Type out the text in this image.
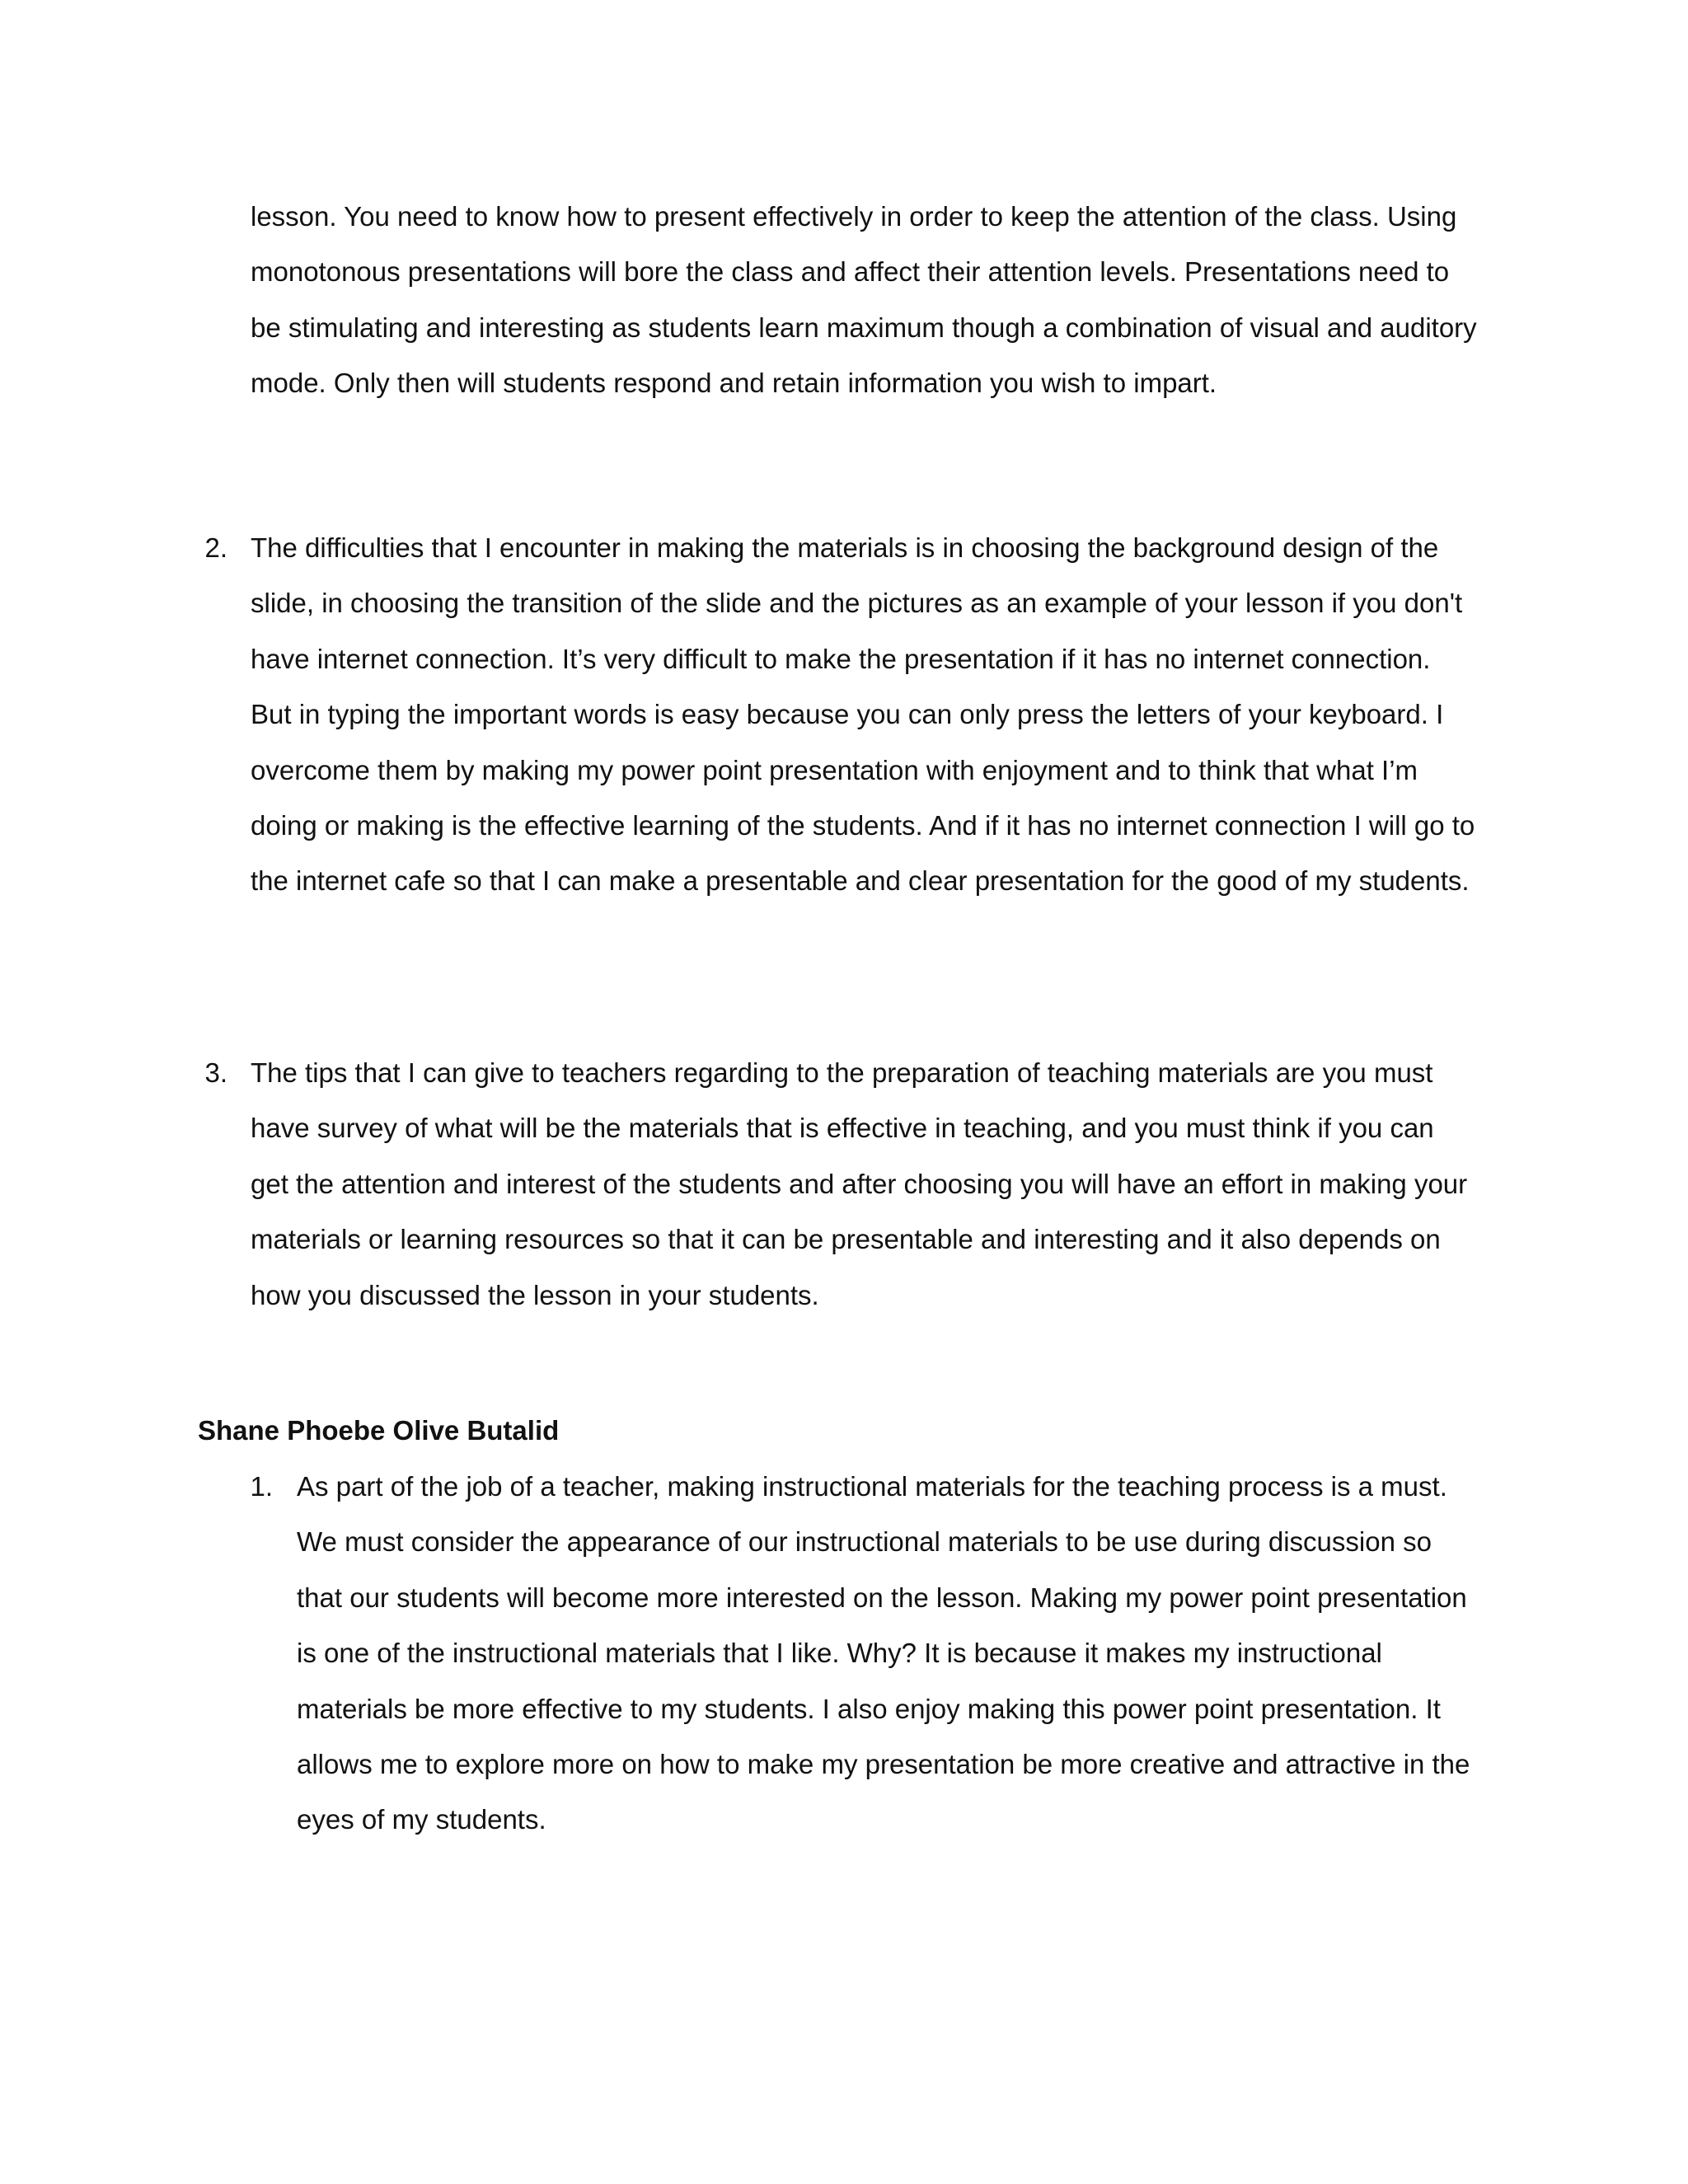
lesson. You need to know how to present effectively in order to keep the attention of the class. Using monotonous presentations will bore the class and affect their attention levels. Presentations need to be stimulating and interesting as students learn maximum though a combination of visual and auditory mode. Only then will students respond and retain information you wish to impart.

2. The difficulties that I encounter in making the materials is in choosing the background design of the slide, in choosing the transition of the slide and the pictures as an example of your lesson if you don't have internet connection. It’s very difficult to make the presentation if it has no internet connection. But in typing the important words is easy because you can only press the letters of your keyboard. I overcome them by making my power point presentation with enjoyment and to think that what I’m doing or making is the effective learning of the students. And if it has no internet connection I will go to the internet cafe so that I can make a presentable and clear presentation for the good of my students.

3. The tips that I can give to teachers regarding to the preparation of teaching materials are you must have survey of what will be the materials that is effective in teaching, and you must think if you can get the attention and interest of the students and after choosing you will have an effort in making your materials or learning resources so that it can be presentable and interesting and it also depends on how you discussed the lesson in your students.

Shane Phoebe Olive Butalid

1. As part of the job of a teacher, making instructional materials for the teaching process is a must. We must consider the appearance of our instructional materials to be use during discussion so that our students will become more interested on the lesson. Making my power point presentation is one of the instructional materials that I like. Why? It is because it makes my instructional materials be more effective to my students. I also enjoy making this power point presentation. It allows me to explore more on how to make my presentation be more creative and attractive in the eyes of my students.
